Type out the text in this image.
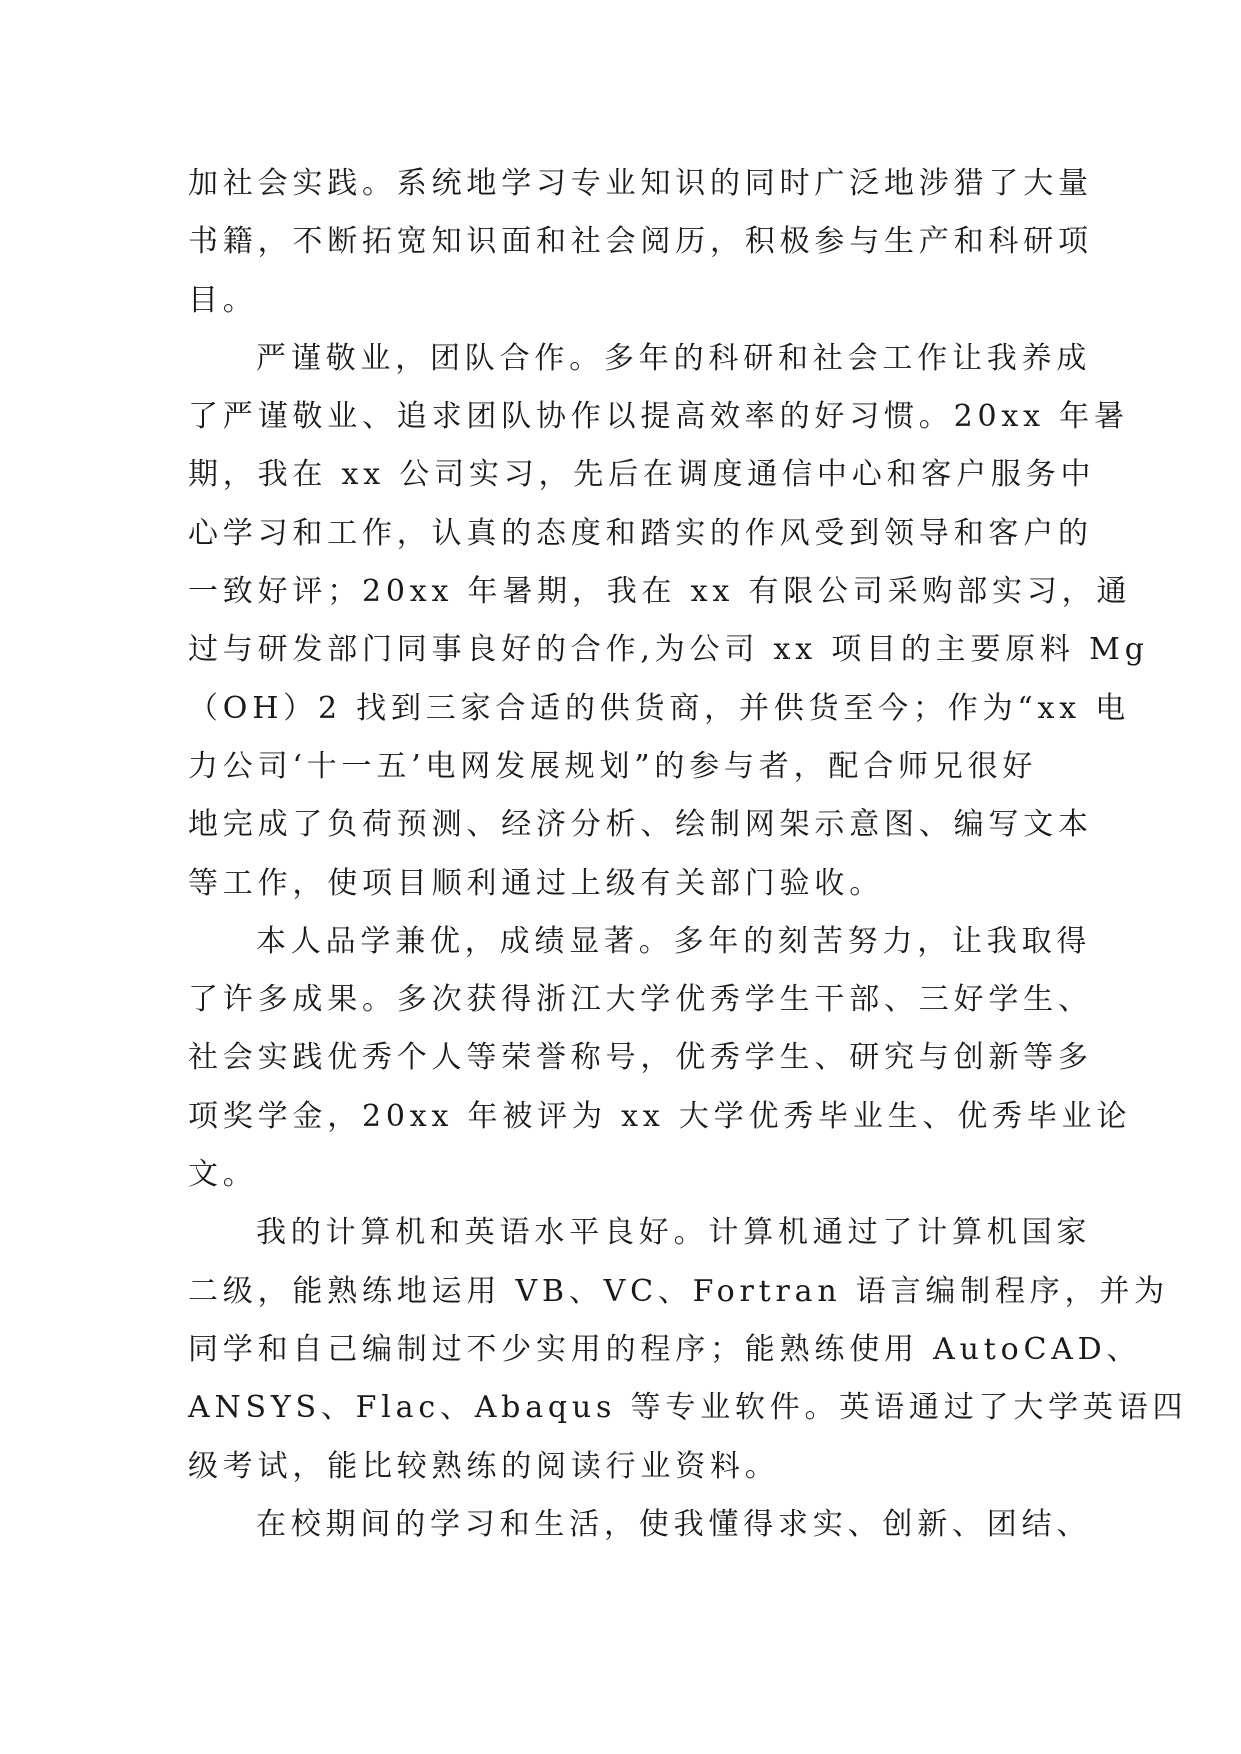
加社会实践。系统地学习专业知识的同时广泛地涉猎了大量
书籍，不断拓宽知识面和社会阅历，积极参与生产和科研项
目。
严谨敬业，团队合作。多年的科研和社会工作让我养成
了严谨敬业、追求团队协作以提高效率的好习惯。20xx 年暑
期，我在 xx 公司实习，先后在调度通信中心和客户服务中
心学习和工作，认真的态度和踏实的作风受到领导和客户的
一致好评；20xx 年暑期，我在 xx 有限公司采购部实习，通
过与研发部门同事良好的合作,为公司 xx 项目的主要原料 Mg
（OH）2 找到三家合适的供货商，并供货至今；作为“xx 电
力公司‘十一五’电网发展规划”的参与者，配合师兄很好
地完成了负荷预测、经济分析、绘制网架示意图、编写文本
等工作，使项目顺利通过上级有关部门验收。
本人品学兼优，成绩显著。多年的刻苦努力，让我取得
了许多成果。多次获得浙江大学优秀学生干部、三好学生、
社会实践优秀个人等荣誉称号，优秀学生、研究与创新等多
项奖学金，20xx 年被评为 xx 大学优秀毕业生、优秀毕业论
文。
我的计算机和英语水平良好。计算机通过了计算机国家
二级，能熟练地运用 VB、VC、Fortran 语言编制程序，并为
同学和自己编制过不少实用的程序；能熟练使用 AutoCAD、
ANSYS、Flac、Abaqus 等专业软件。英语通过了大学英语四
级考试，能比较熟练的阅读行业资料。
在校期间的学习和生活，使我懂得求实、创新、团结、
